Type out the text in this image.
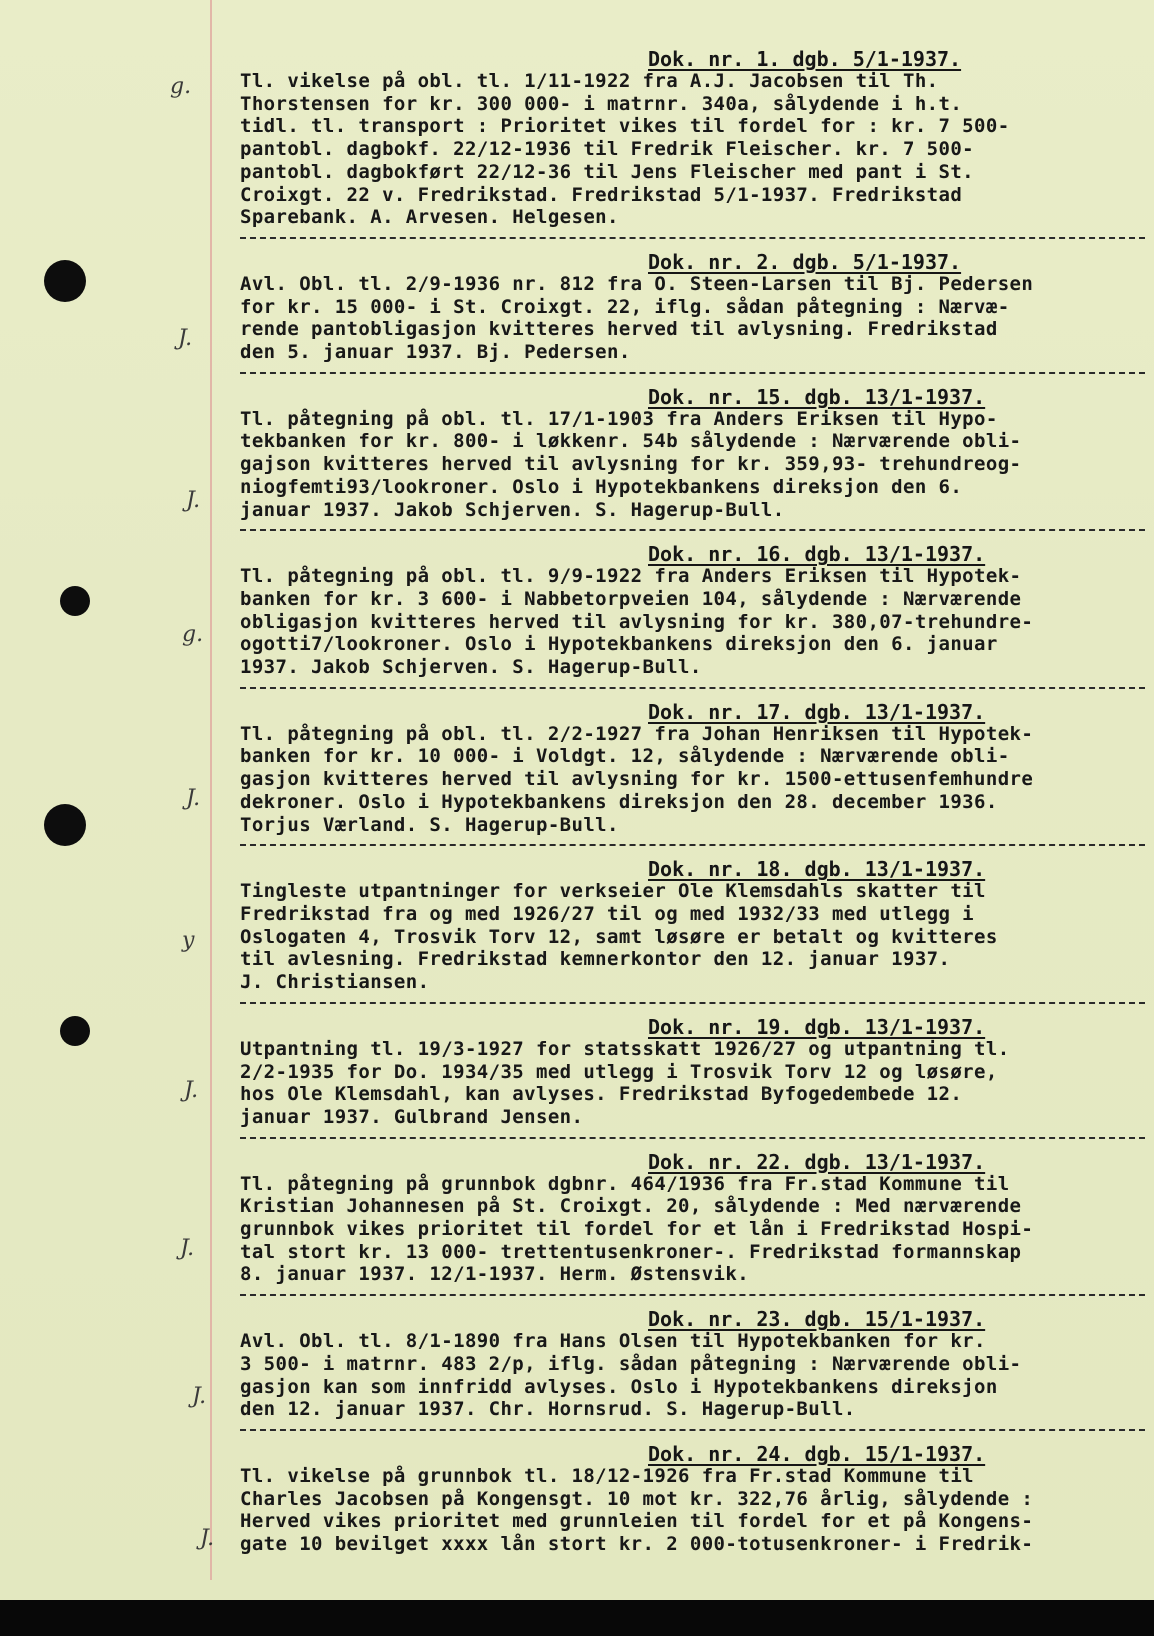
g.
J.
J.
g.
J.
y
J.
J.
J.
J.
Dok. nr. 1. dgb. 5/1-1937.
Tl. vikelse på obl. tl. 1/11-1922 fra A.J. Jacobsen til Th.
Thorstensen for kr. 300 000- i matrnr. 340a, sålydende i h.t.
tidl. tl. transport : Prioritet vikes til fordel for : kr. 7 500-
pantobl. dagbokf. 22/12-1936 til Fredrik Fleischer. kr. 7 500-
pantobl. dagbokført 22/12-36 til Jens Fleischer med pant i St.
Croixgt. 22 v. Fredrikstad. Fredrikstad 5/1-1937. Fredrikstad
Sparebank. A. Arvesen. Helgesen.
Dok. nr. 2. dgb. 5/1-1937.
Avl. Obl. tl. 2/9-1936 nr. 812 fra O. Steen-Larsen til Bj. Pedersen
for kr. 15 000- i St. Croixgt. 22, iflg. sådan påtegning : Nærvæ-
rende pantobligasjon kvitteres herved til avlysning. Fredrikstad
den 5. januar 1937. Bj. Pedersen.
Dok. nr. 15. dgb. 13/1-1937.
Tl. påtegning på obl. tl. 17/1-1903 fra Anders Eriksen til Hypo-
tekbanken for kr. 800- i løkkenr. 54b sålydende : Nærværende obli-
gajson kvitteres herved til avlysning for kr. 359,93- trehundreog-
niogfemti93/lookroner. Oslo i Hypotekbankens direksjon den 6.
januar 1937. Jakob Schjerven. S. Hagerup-Bull.
Dok. nr. 16. dgb. 13/1-1937.
Tl. påtegning på obl. tl. 9/9-1922 fra Anders Eriksen til Hypotek-
banken for kr. 3 600- i Nabbetorpveien 104, sålydende : Nærværende
obligasjon kvitteres herved til avlysning for kr. 380,07-trehundre-
ogotti7/lookroner. Oslo i Hypotekbankens direksjon den 6. januar
1937. Jakob Schjerven. S. Hagerup-Bull.
Dok. nr. 17. dgb. 13/1-1937.
Tl. påtegning på obl. tl. 2/2-1927 fra Johan Henriksen til Hypotek-
banken for kr. 10 000- i Voldgt. 12, sålydende : Nærværende obli-
gasjon kvitteres herved til avlysning for kr. 1500-ettusenfemhundre
dekroner. Oslo i Hypotekbankens direksjon den 28. december 1936.
Torjus Værland. S. Hagerup-Bull.
Dok. nr. 18. dgb. 13/1-1937.
Tingleste utpantninger for verkseier Ole Klemsdahls skatter til
Fredrikstad fra og med 1926/27 til og med 1932/33 med utlegg i
Oslogaten 4, Trosvik Torv 12, samt løsøre er betalt og kvitteres
til avlesning. Fredrikstad kemnerkontor den 12. januar 1937.
J. Christiansen.
Dok. nr. 19. dgb. 13/1-1937.
Utpantning tl. 19/3-1927 for statsskatt 1926/27 og utpantning tl.
2/2-1935 for Do. 1934/35 med utlegg i Trosvik Torv 12 og løsøre,
hos Ole Klemsdahl, kan avlyses. Fredrikstad Byfogedembede 12.
januar 1937. Gulbrand Jensen.
Dok. nr. 22. dgb. 13/1-1937.
Tl. påtegning på grunnbok dgbnr. 464/1936 fra Fr.stad Kommune til
Kristian Johannesen på St. Croixgt. 20, sålydende : Med nærværende
grunnbok vikes prioritet til fordel for et lån i Fredrikstad Hospi-
tal stort kr. 13 000- trettentusenkroner-. Fredrikstad formannskap
8. januar 1937. 12/1-1937. Herm. Østensvik.
Dok. nr. 23. dgb. 15/1-1937.
Avl. Obl. tl. 8/1-1890 fra Hans Olsen til Hypotekbanken for kr.
3 500- i matrnr. 483 2/p, iflg. sådan påtegning : Nærværende obli-
gasjon kan som innfridd avlyses. Oslo i Hypotekbankens direksjon
den 12. januar 1937. Chr. Hornsrud. S. Hagerup-Bull.
Dok. nr. 24. dgb. 15/1-1937.
Tl. vikelse på grunnbok tl. 18/12-1926 fra Fr.stad Kommune til
Charles Jacobsen på Kongensgt. 10 mot kr. 322,76 årlig, sålydende :
Herved vikes prioritet med grunnleien til fordel for et på Kongens-
gate 10 bevilget xxxx lån stort kr. 2 000-totusenkroner- i Fredrik-
